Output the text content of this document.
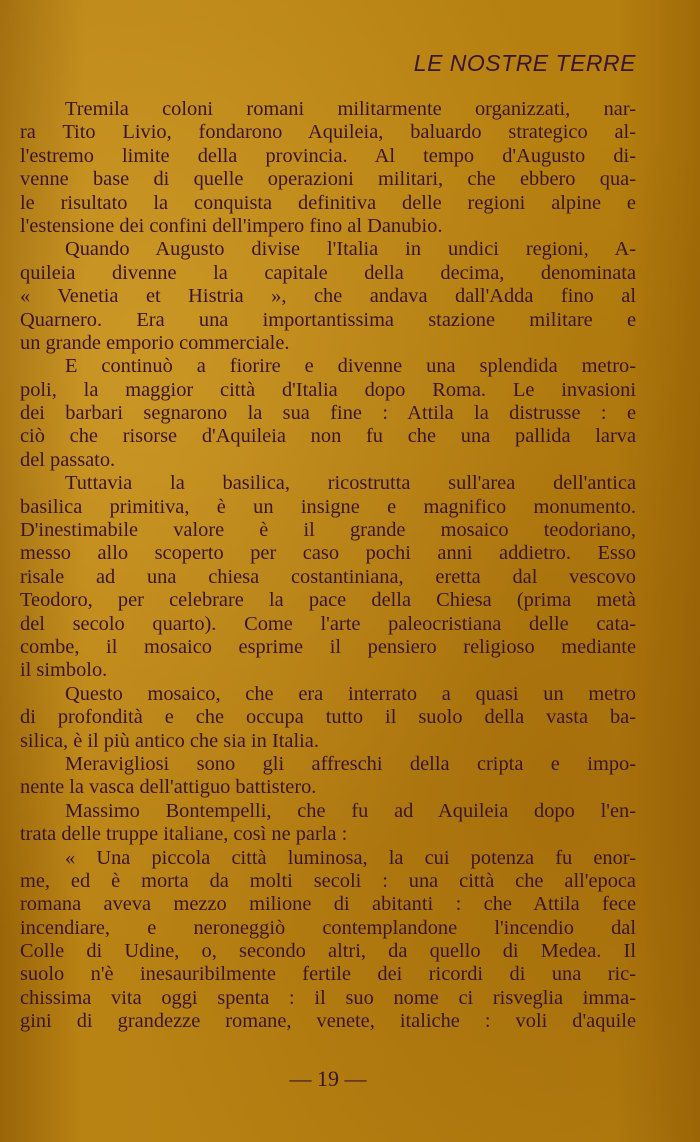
LE NOSTRE TERRE
Tremila coloni romani militarmente organizzati, nar-
ra Tito Livio, fondarono Aquileia, baluardo strategico al-
l'estremo limite della provincia. Al tempo d'Augusto di-
venne base di quelle operazioni militari, che ebbero qua-
le risultato la conquista definitiva delle regioni alpine e
l'estensione dei confini dell'impero fino al Danubio.
Quando Augusto divise l'Italia in undici regioni, A-
quileia divenne la capitale della decima, denominata
« Venetia et Histria », che andava dall'Adda fino al
Quarnero. Era una importantissima stazione militare e
un grande emporio commerciale.
E continuò a fiorire e divenne una splendida metro-
poli, la maggior città d'Italia dopo Roma. Le invasioni
dei barbari segnarono la sua fine : Attila la distrusse : e
ciò che risorse d'Aquileia non fu che una pallida larva
del passato.
Tuttavia la basilica, ricostrutta sull'area dell'antica
basilica primitiva, è un insigne e magnifico monumento.
D'inestimabile valore è il grande mosaico teodoriano,
messo allo scoperto per caso pochi anni addietro. Esso
risale ad una chiesa costantiniana, eretta dal vescovo
Teodoro, per celebrare la pace della Chiesa (prima metà
del secolo quarto). Come l'arte paleocristiana delle cata-
combe, il mosaico esprime il pensiero religioso mediante
il simbolo.
Questo mosaico, che era interrato a quasi un metro
di profondità e che occupa tutto il suolo della vasta ba-
silica, è il più antico che sia in Italia.
Meravigliosi sono gli affreschi della cripta e impo-
nente la vasca dell'attiguo battistero.
Massimo Bontempelli, che fu ad Aquileia dopo l'en-
trata delle truppe italiane, così ne parla :
« Una piccola città luminosa, la cui potenza fu enor-
me, ed è morta da molti secoli : una città che all'epoca
romana aveva mezzo milione di abitanti : che Attila fece
incendiare, e neroneggiò contemplandone l'incendio dal
Colle di Udine, o, secondo altri, da quello di Medea. Il
suolo n'è inesauribilmente fertile dei ricordi di una ric-
chissima vita oggi spenta : il suo nome ci risveglia imma-
gini di grandezze romane, venete, italiche : voli d'aquile
— 19 —
